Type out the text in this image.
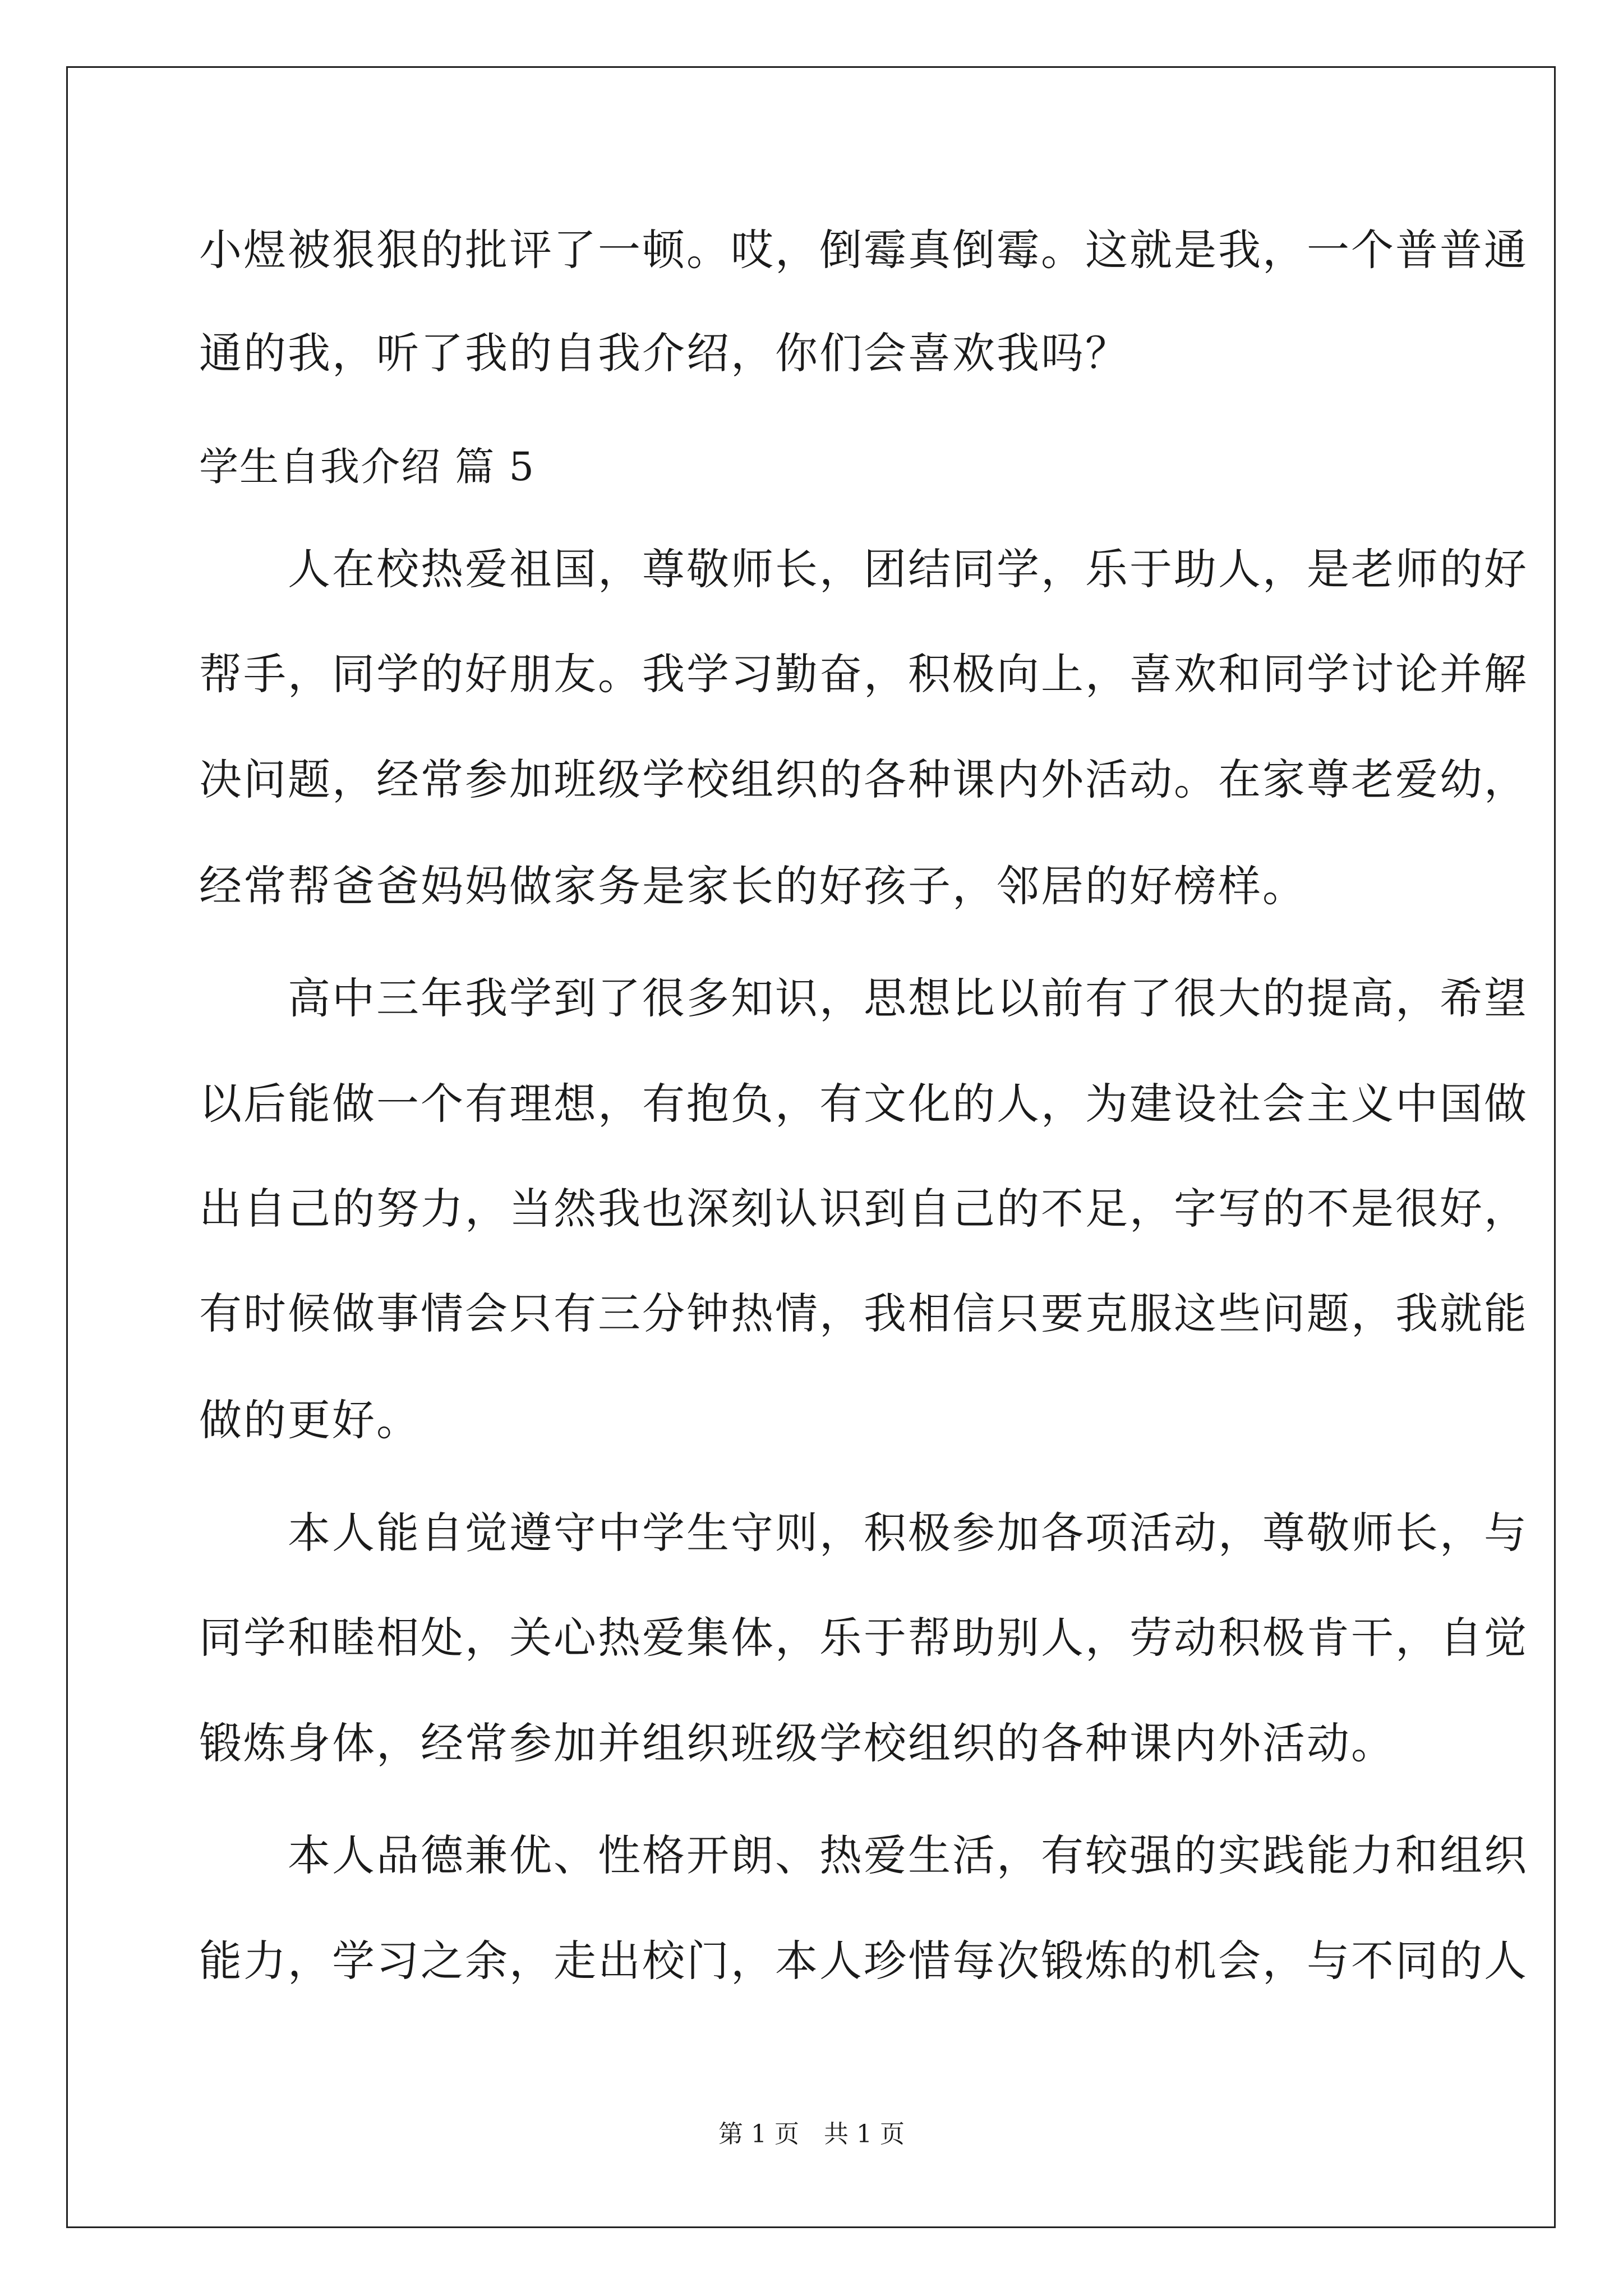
小煜被狠狠的批评了一顿。哎，倒霉真倒霉。这就是我，一个普普通
通的我，听了我的自我介绍，你们会喜欢我吗？
学生自我介绍 篇 5
　　人在校热爱祖国，尊敬师长，团结同学，乐于助人，是老师的好
帮手，同学的好朋友。我学习勤奋，积极向上，喜欢和同学讨论并解
决问题，经常参加班级学校组织的各种课内外活动。在家尊老爱幼，
经常帮爸爸妈妈做家务是家长的好孩子，邻居的好榜样。
　　高中三年我学到了很多知识，思想比以前有了很大的提高，希望
以后能做一个有理想，有抱负，有文化的人，为建设社会主义中国做
出自己的努力，当然我也深刻认识到自己的不足，字写的不是很好，
有时候做事情会只有三分钟热情，我相信只要克服这些问题，我就能
做的更好。
　　本人能自觉遵守中学生守则，积极参加各项活动，尊敬师长，与
同学和睦相处，关心热爱集体，乐于帮助别人，劳动积极肯干，自觉
锻炼身体，经常参加并组织班级学校组织的各种课内外活动。
　　本人品德兼优、性格开朗、热爱生活，有较强的实践能力和组织
能力，学习之余，走出校门，本人珍惜每次锻炼的机会，与不同的人
第 1 页　共 1 页
